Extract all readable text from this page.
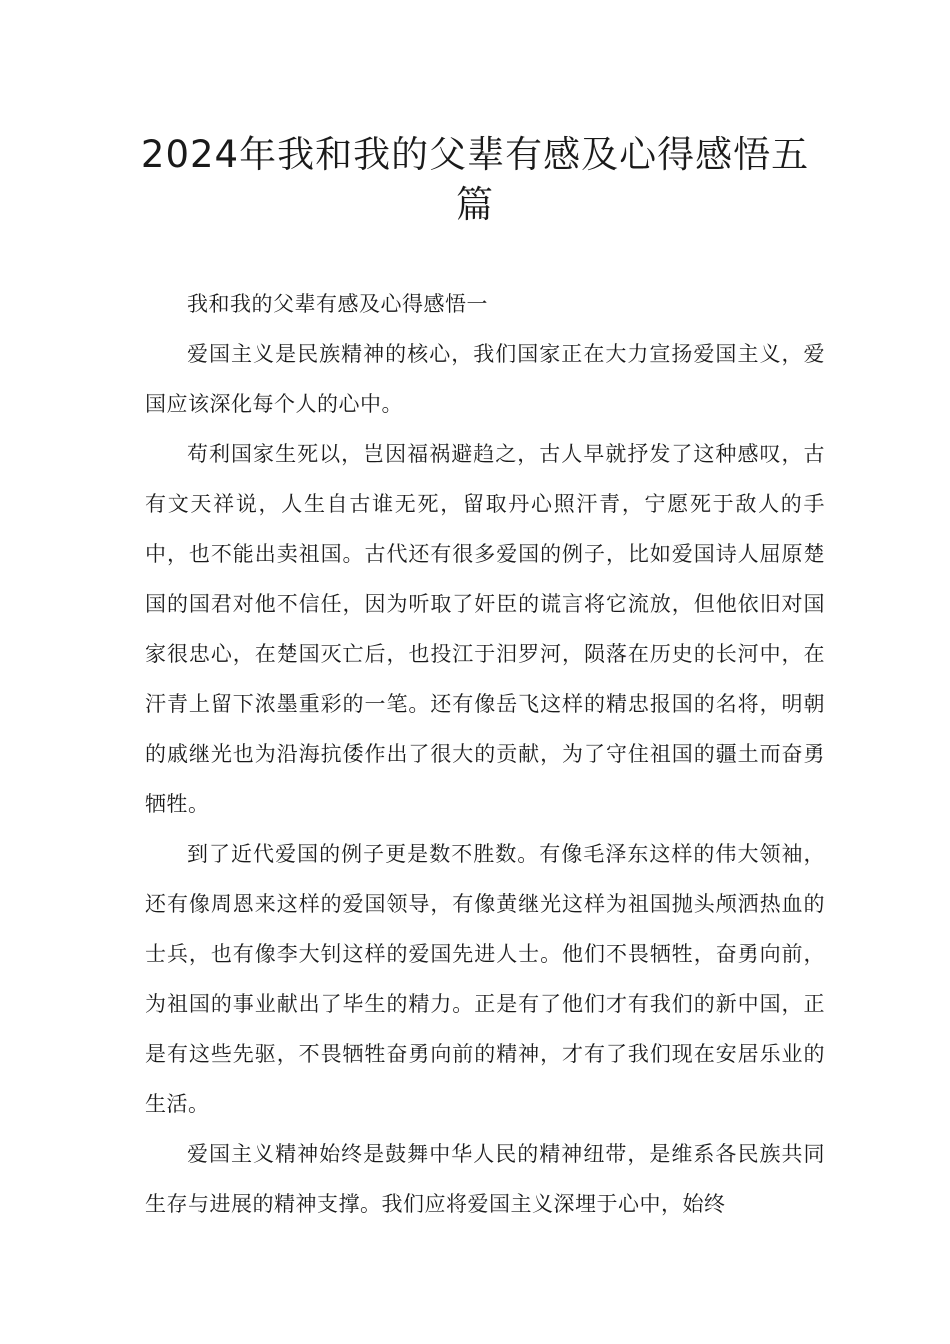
2024年我和我的父辈有感及心得感悟五篇

我和我的父辈有感及心得感悟一

爱国主义是民族精神的核心，我们国家正在大力宣扬爱国主义，爱国应该深化每个人的心中。

苟利国家生死以，岂因福祸避趋之，古人早就抒发了这种感叹，古有文天祥说，人生自古谁无死，留取丹心照汗青，宁愿死于敌人的手中，也不能出卖祖国。古代还有很多爱国的例子，比如爱国诗人屈原楚国的国君对他不信任，因为听取了奸臣的谎言将它流放，但他依旧对国家很忠心，在楚国灭亡后，也投江于汨罗河，陨落在历史的长河中，在汗青上留下浓墨重彩的一笔。还有像岳飞这样的精忠报国的名将，明朝的戚继光也为沿海抗倭作出了很大的贡献，为了守住祖国的疆土而奋勇牺牲。

到了近代爱国的例子更是数不胜数。有像毛泽东这样的伟大领袖，还有像周恩来这样的爱国领导，有像黄继光这样为祖国抛头颅洒热血的士兵，也有像李大钊这样的爱国先进人士。他们不畏牺牲，奋勇向前，为祖国的事业献出了毕生的精力。正是有了他们才有我们的新中国，正是有这些先驱，不畏牺牲奋勇向前的精神，才有了我们现在安居乐业的生活。

爱国主义精神始终是鼓舞中华人民的精神纽带，是维系各民族共同生存与进展的精神支撑。我们应将爱国主义深埋于心中，始终
